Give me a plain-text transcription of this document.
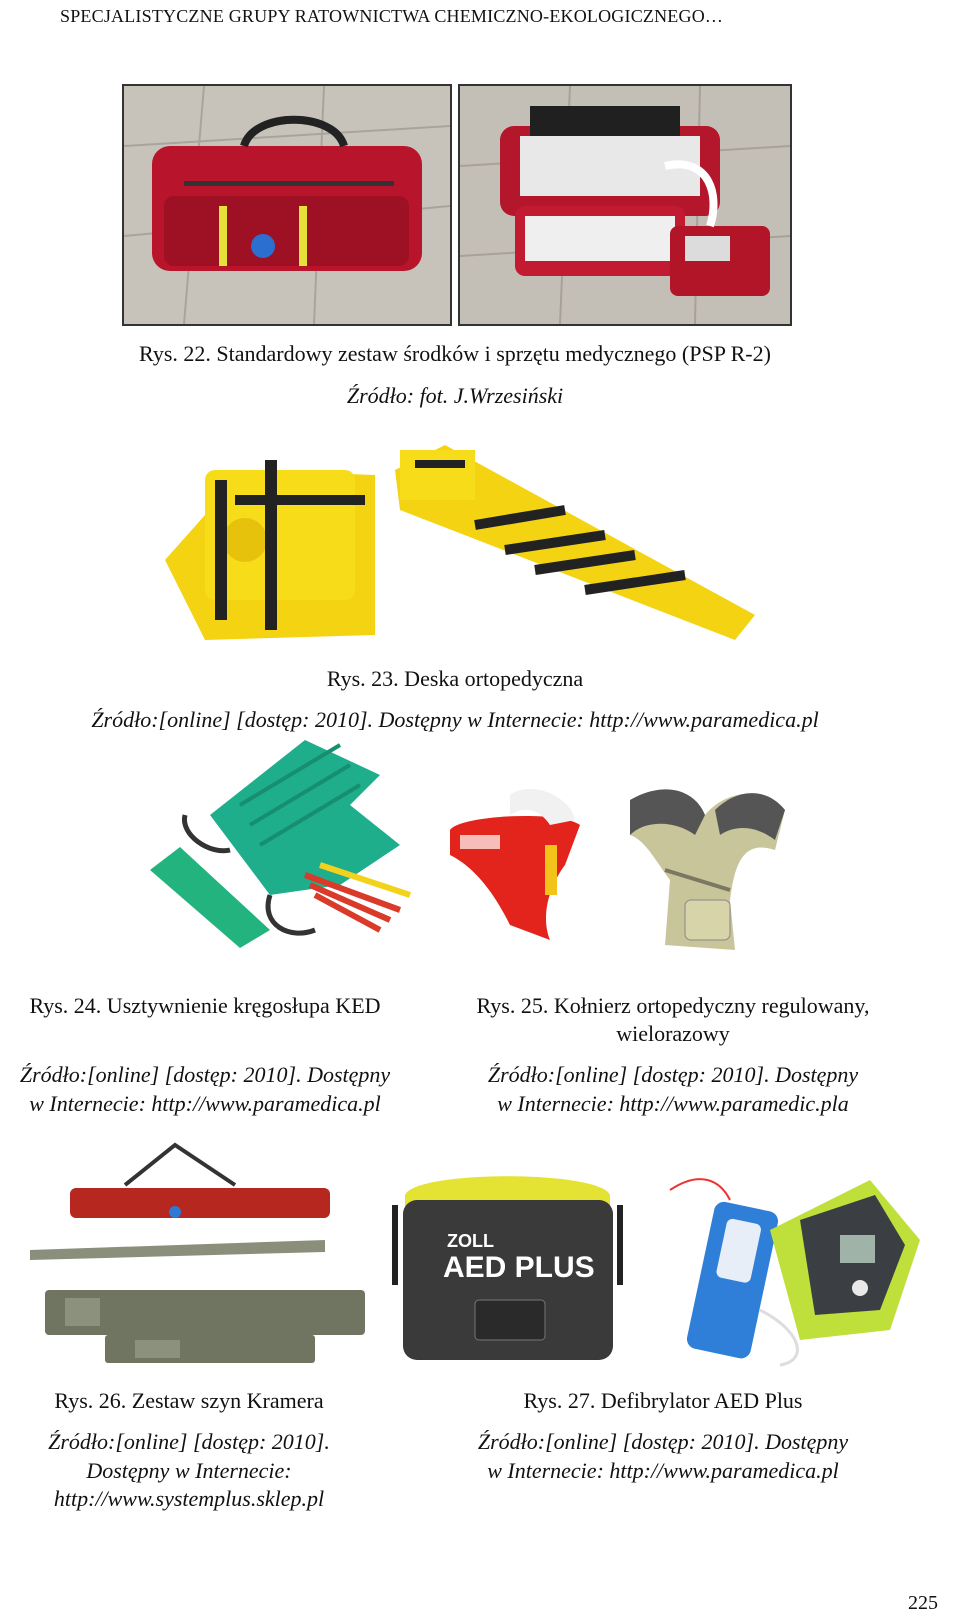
SPECJALISTYCZNE GRUPY RATOWNICTWA CHEMICZNO-EKOLOGICZNEGO…
Rys. 22. Standardowy zestaw środków i sprzętu medycznego (PSP R-2)
Źródło: fot. J.Wrzesiński
Rys. 23. Deska ortopedyczna
Źródło:[online] [dostęp: 2010]. Dostępny w Internecie: http://www.paramedica.pl
Rys. 24. Usztywnienie kręgosłupa KED
Źródło:[online] [dostęp: 2010]. Dostępny
w Internecie: http://www.paramedica.pl
Rys. 25. Kołnierz ortopedyczny regulowany,
wielorazowy
Źródło:[online] [dostęp: 2010]. Dostępny
w Internecie: http://www.paramedic.pla
ZOLL
AED PLUS
Rys. 26. Zestaw szyn Kramera
Źródło:[online] [dostęp: 2010].
Dostępny w Internecie:
http://www.systemplus.sklep.pl
Rys. 27. Defibrylator AED Plus
Źródło:[online] [dostęp: 2010]. Dostępny
w Internecie: http://www.paramedica.pl
225
